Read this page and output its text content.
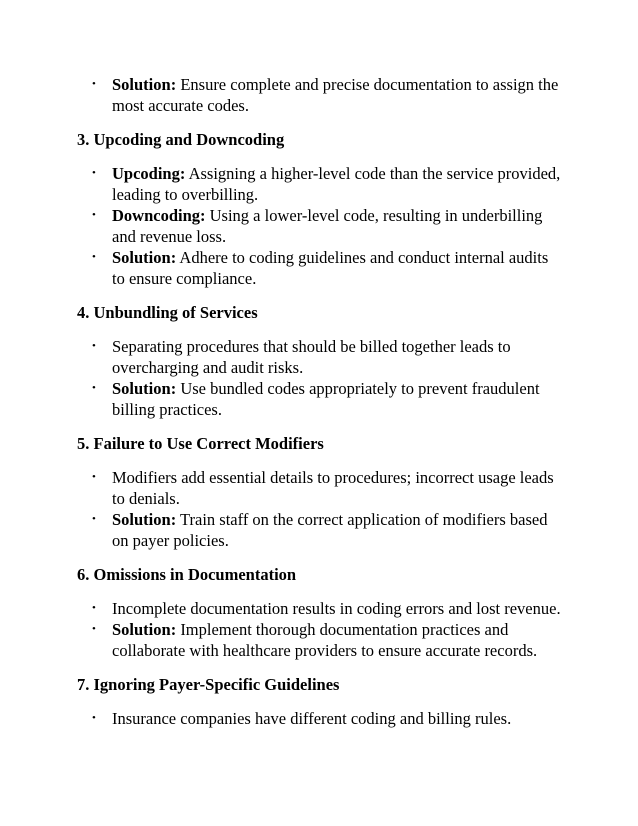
• Solution: Ensure complete and precise documentation to assign the most accurate codes.
3. Upcoding and Downcoding
• Upcoding: Assigning a higher-level code than the service provided, leading to overbilling.
• Downcoding: Using a lower-level code, resulting in underbilling and revenue loss.
• Solution: Adhere to coding guidelines and conduct internal audits to ensure compliance.
4. Unbundling of Services
• Separating procedures that should be billed together leads to overcharging and audit risks.
• Solution: Use bundled codes appropriately to prevent fraudulent billing practices.
5. Failure to Use Correct Modifiers
• Modifiers add essential details to procedures; incorrect usage leads to denials.
• Solution: Train staff on the correct application of modifiers based on payer policies.
6. Omissions in Documentation
• Incomplete documentation results in coding errors and lost revenue.
• Solution: Implement thorough documentation practices and collaborate with healthcare providers to ensure accurate records.
7. Ignoring Payer-Specific Guidelines
• Insurance companies have different coding and billing rules.
